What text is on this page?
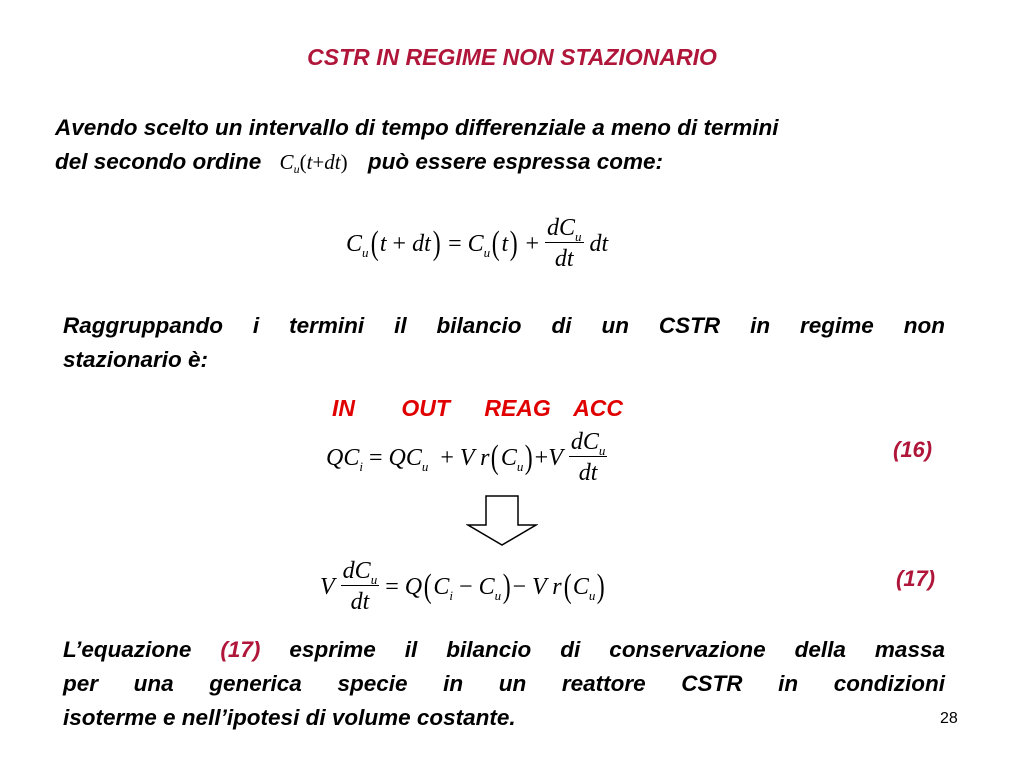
CSTR IN REGIME NON STAZIONARIO
Avendo scelto un intervallo di tempo differenziale a meno di termini
del secondo ordine $C_u(t+dt)$ può essere espressa come:
$C_u(t + dt) = C_u(t) + \frac{dC_u}{dt}$ dt
Raggruppando i termini il bilancio di un CSTR in regime non
stazionario è:
IN OUT REAG ACC
$QC_i = QC_u + V$ $r(C_u)+V \frac{dC_u}{dt}$	(16)
V $\frac{dC_u}{dt} = Q(C_i - C_u)- V$ $r(C_u)$	(17)
L’equazione (17) esprime il bilancio di conservazione della massa
per una generica specie in un reattore CSTR in condizioni
isoterme e nell’ipotesi di volume costante.	28
